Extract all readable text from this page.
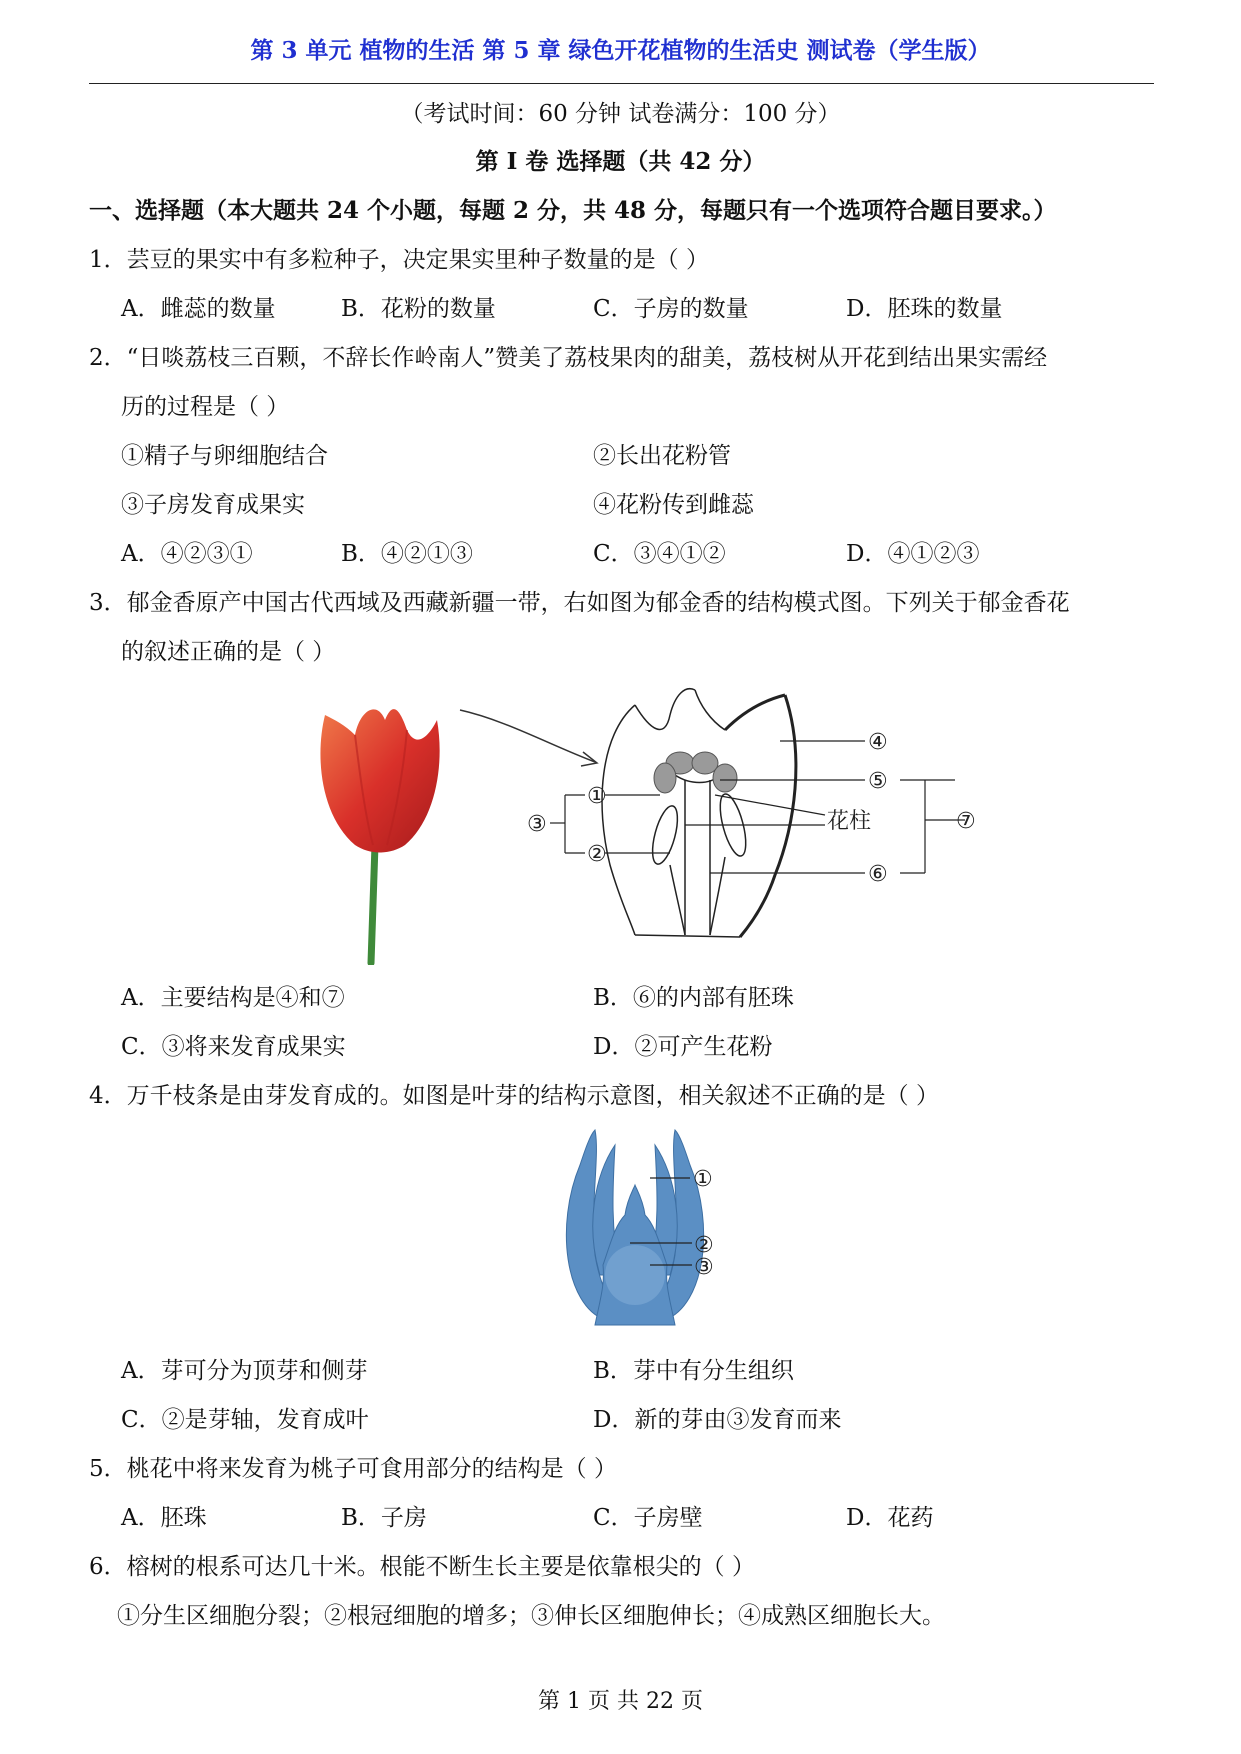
第 3 单元 植物的生活 第 5 章 绿色开花植物的生活史 测试卷（学生版）
（考试时间：60 分钟 试卷满分：100 分）
第 I 卷 选择题（共 42 分）
一、选择题（本大题共 24 个小题，每题 2 分，共 48 分，每题只有一个选项符合题目要求。）
1．芸豆的果实中有多粒种子，决定果实里种子数量的是（ ）
A．雌蕊的数量	B．花粉的数量	C．子房的数量	D．胚珠的数量
2．“日啖荔枝三百颗，不辞长作岭南人”赞美了荔枝果肉的甜美，荔枝树从开花到结出果实需经
历的过程是（ ）
①精子与卵细胞结合	②长出花粉管
③子房发育成果实	④花粉传到雌蕊
A．④②③①	B．④②①③	C．③④①②	D．④①②③
3．郁金香原产中国古代西域及西藏新疆一带，右如图为郁金香的结构模式图。下列关于郁金香花
的叙述正确的是（ ）
④
⑤
花柱	⑦
①
③
②
⑥
A．主要结构是④和⑦	B．⑥的内部有胚珠
C．③将来发育成果实	D．②可产生花粉
4．万千枝条是由芽发育成的。如图是叶芽的结构示意图，相关叙述不正确的是（ ）
①
②
③
A．芽可分为顶芽和侧芽	B．芽中有分生组织
C．②是芽轴，发育成叶	D．新的芽由③发育而来
5．桃花中将来发育为桃子可食用部分的结构是（ ）
A．胚珠	B．子房	C．子房壁	D．花药
6．榕树的根系可达几十米。根能不断生长主要是依靠根尖的（ ）
①分生区细胞分裂；②根冠细胞的增多；③伸长区细胞伸长；④成熟区细胞长大。
第 1 页 共 22 页
